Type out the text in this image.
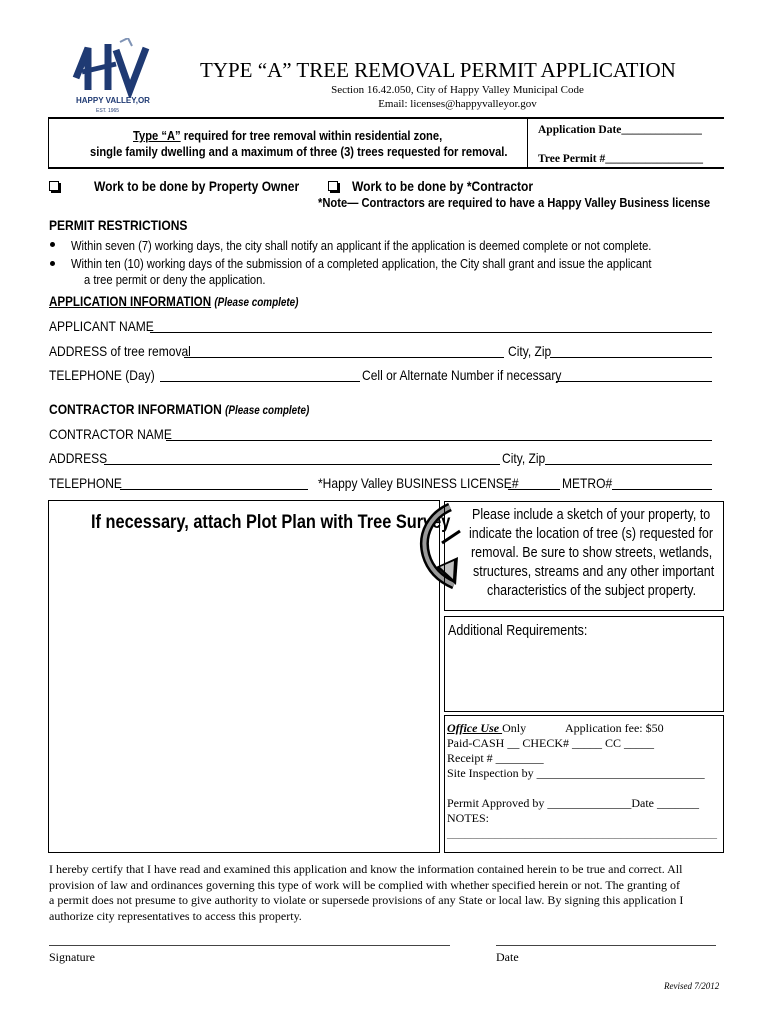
HAPPY VALLEY,OR
EST. 1965
TYPE “A” TREE REMOVAL PERMIT APPLICATION
Section 16.42.050, City of Happy Valley Municipal Code
Email: licenses@happyvalleyor.gov
Type “A” required for tree removal within residential zone,
single family dwelling and a maximum of three (3) trees requested for removal.
Application Date______________
Tree Permit #_________________
Work to be done by Property Owner	Work to be done by *Contractor
*Note— Contractors are required to have a Happy Valley Business license
PERMIT RESTRICTIONS
Within seven (7) working days, the city shall notify an applicant if the application is deemed complete or not complete.
Within ten (10) working days of the submission of a completed application, the City shall grant and issue the applicant
a tree permit or deny the application.
APPLICATION INFORMATION (Please complete)
APPLICANT NAME
ADDRESS of tree removal	City, Zip
TELEPHONE (Day)	Cell or Alternate Number if necessary
CONTRACTOR INFORMATION (Please complete)
CONTRACTOR NAME
ADDRESS	City, Zip
TELEPHONE	*Happy Valley BUSINESS LICENSE#	METRO#
If necessary, attach Plot Plan with Tree Survey Please include a sketch of your property, to
indicate the location of tree (s) requested for
removal. Be sure to show streets, wetlands,
structures, streams and any other important
characteristics of the subject property.
Additional Requirements:
Office Use Only	Application fee: $50
Paid-CASH __ CHECK# _____ CC _____
Receipt # ________
Site Inspection by ____________________________
Permit Approved by ______________Date _______
NOTES:
_____________________________________________
I hereby certify that I have read and examined this application and know the information contained herein to be true and correct. All
provision of law and ordinances governing this type of work will be complied with whether specified herein or not. The granting of
a permit does not presume to give authority to violate or supersede provisions of any State or local law. By signing this application I
authorize city representatives to access this property.
Signature	Date
Revised 7/2012
